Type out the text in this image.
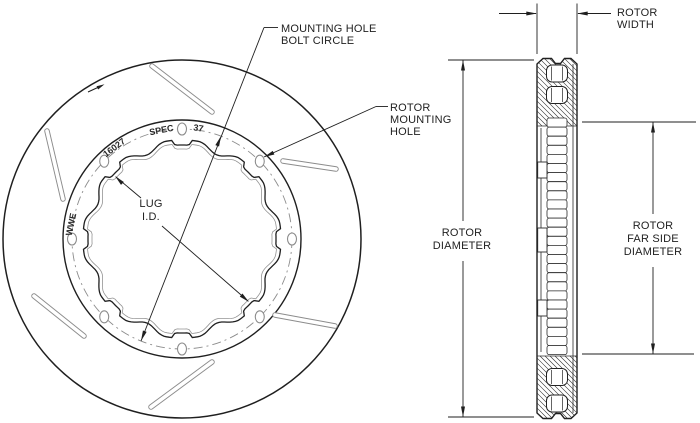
WWE
16027
SPEC 37
MOUNTING HOLE
BOLT CIRCLE
ROTOR
MOUNTING
HOLE
LUG
I.D.
ROTOR
WIDTH
ROTOR
DIAMETER
ROTOR
FAR SIDE
DIAMETER
